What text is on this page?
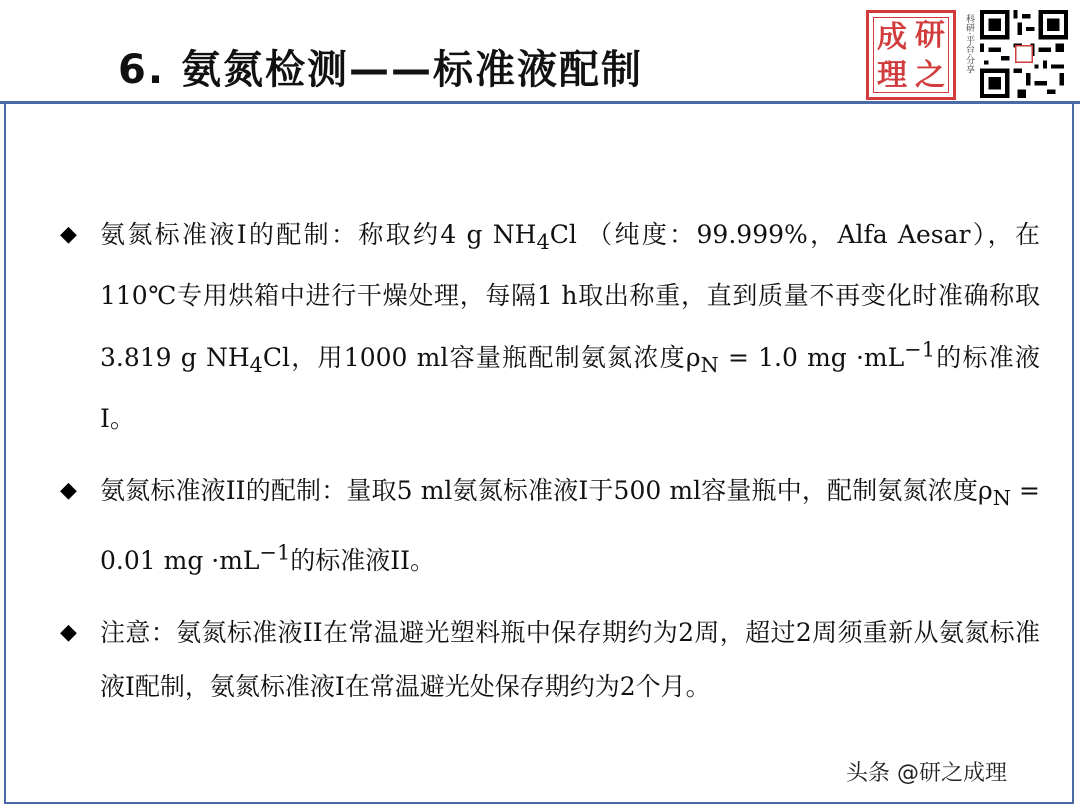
6. 氨氮检测——标准液配制
成 研
理 之
科研·平台·分享
◆ 氨氮标准液I的配制：称取约4 g $NH_4Cl$ （纯度：99.999%，Alfa Aesar），在110℃专用烘箱中进行干燥处理，每隔1 h取出称重，直到质量不再变化时准确称取3.819 g $NH_4Cl$，用1000 ml容量瓶配制氨氮浓度$\rho_N = 1.0$ mg $\cdot mL^{-1}$的标准液I。
◆ 氨氮标准液II的配制：量取5 ml氨氮标准液I于500 ml容量瓶中，配制氨氮浓度$\rho_N = 0.01$ mg $\cdot mL^{-1}$的标准液II。
◆ 注意：氨氮标准液II在常温避光塑料瓶中保存期约为2周，超过2周须重新从氨氮标准液I配制，氨氮标准液I在常温避光处保存期约为2个月。
头条 @研之成理
